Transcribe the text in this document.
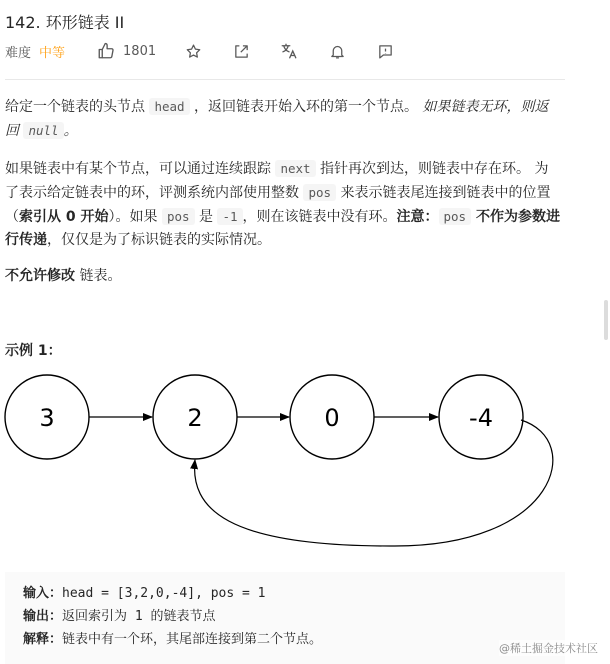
142. 环形链表 II
难度 中等	1801
给定一个链表的头节点 head ，返回链表开始入环的第一个节点。 如果链表无环，则返回 null 。
如果链表中有某个节点，可以通过连续跟踪 next 指针再次到达，则链表中存在环。 为了表示给定链表中的环，评测系统内部使用整数 pos 来表示链表尾连接到链表中的位置（索引从 0 开始）。如果 pos 是 -1 ，则在该链表中没有环。注意： pos 不作为参数进行传递，仅仅是为了标识链表的实际情况。
不允许修改 链表。
示例 1：
3	2	0	-4
输入：head = [3,2,0,-4], pos = 1
输出：返回索引为 1 的链表节点
解释：链表中有一个环，其尾部连接到第二个节点。
@稀土掘金技术社区
